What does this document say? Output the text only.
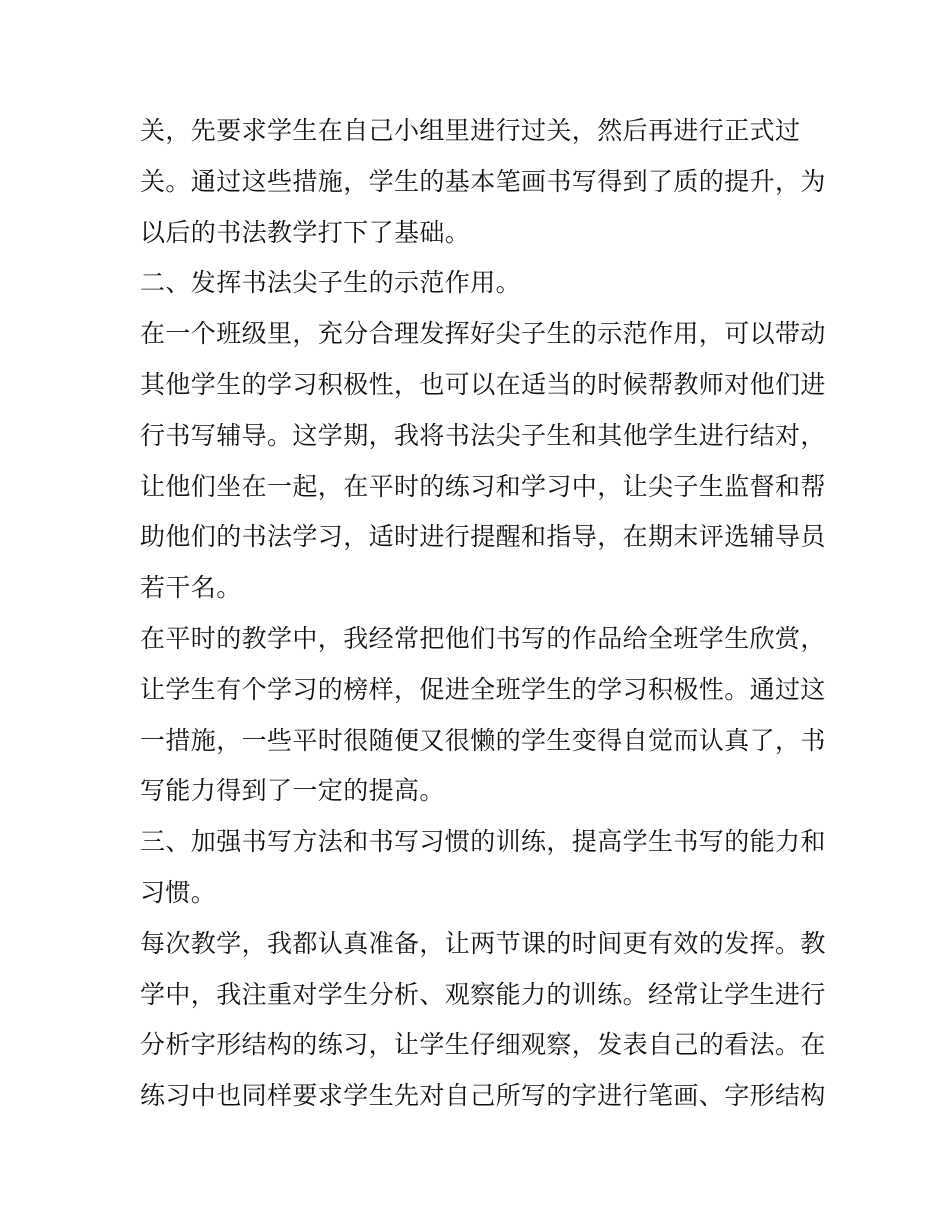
关，先要求学生在自己小组里进行过关，然后再进行正式过
关。通过这些措施，学生的基本笔画书写得到了质的提升，为
以后的书法教学打下了基础。
二、发挥书法尖子生的示范作用。
在一个班级里，充分合理发挥好尖子生的示范作用，可以带动
其他学生的学习积极性，也可以在适当的时候帮教师对他们进
行书写辅导。这学期，我将书法尖子生和其他学生进行结对，
让他们坐在一起，在平时的练习和学习中，让尖子生监督和帮
助他们的书法学习，适时进行提醒和指导，在期末评选辅导员
若干名。
在平时的教学中，我经常把他们书写的作品给全班学生欣赏，
让学生有个学习的榜样，促进全班学生的学习积极性。通过这
一措施，一些平时很随便又很懒的学生变得自觉而认真了，书
写能力得到了一定的提高。
三、加强书写方法和书写习惯的训练，提高学生书写的能力和
习惯。
每次教学，我都认真准备，让两节课的时间更有效的发挥。教
学中，我注重对学生分析、观察能力的训练。经常让学生进行
分析字形结构的练习，让学生仔细观察，发表自己的看法。在
练习中也同样要求学生先对自己所写的字进行笔画、字形结构
